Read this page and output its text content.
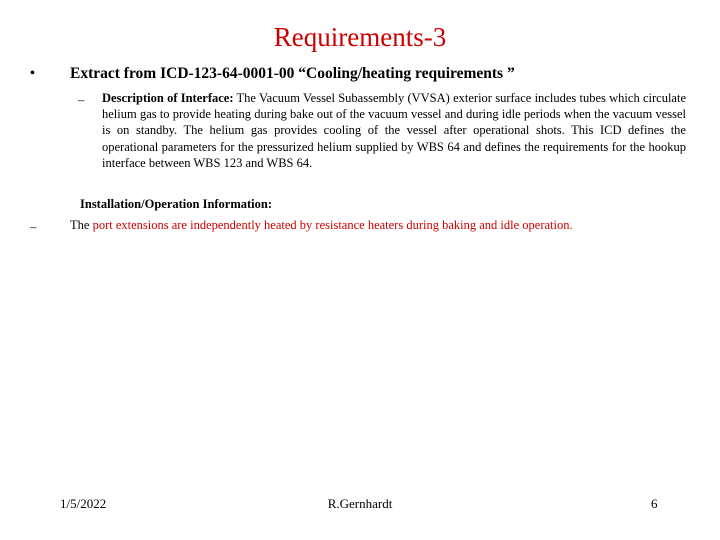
Requirements-3
• Extract from ICD-123-64-0001-00 “Cooling/heating requirements ”
– Description of Interface: The Vacuum Vessel Subassembly (VVSA) exterior surface includes tubes which circulate helium gas to provide heating during bake out of the vacuum vessel and during idle periods when the vacuum vessel is on standby. The helium gas provides cooling of the vessel after operational shots. This ICD defines the operational parameters for the pressurized helium supplied by WBS 64 and defines the requirements for the hookup interface between WBS 123 and WBS 64.
Installation/Operation Information:
–	The port extensions are independently heated by resistance heaters during baking and idle operation.
1/5/2022	R.Gernhardt	6
